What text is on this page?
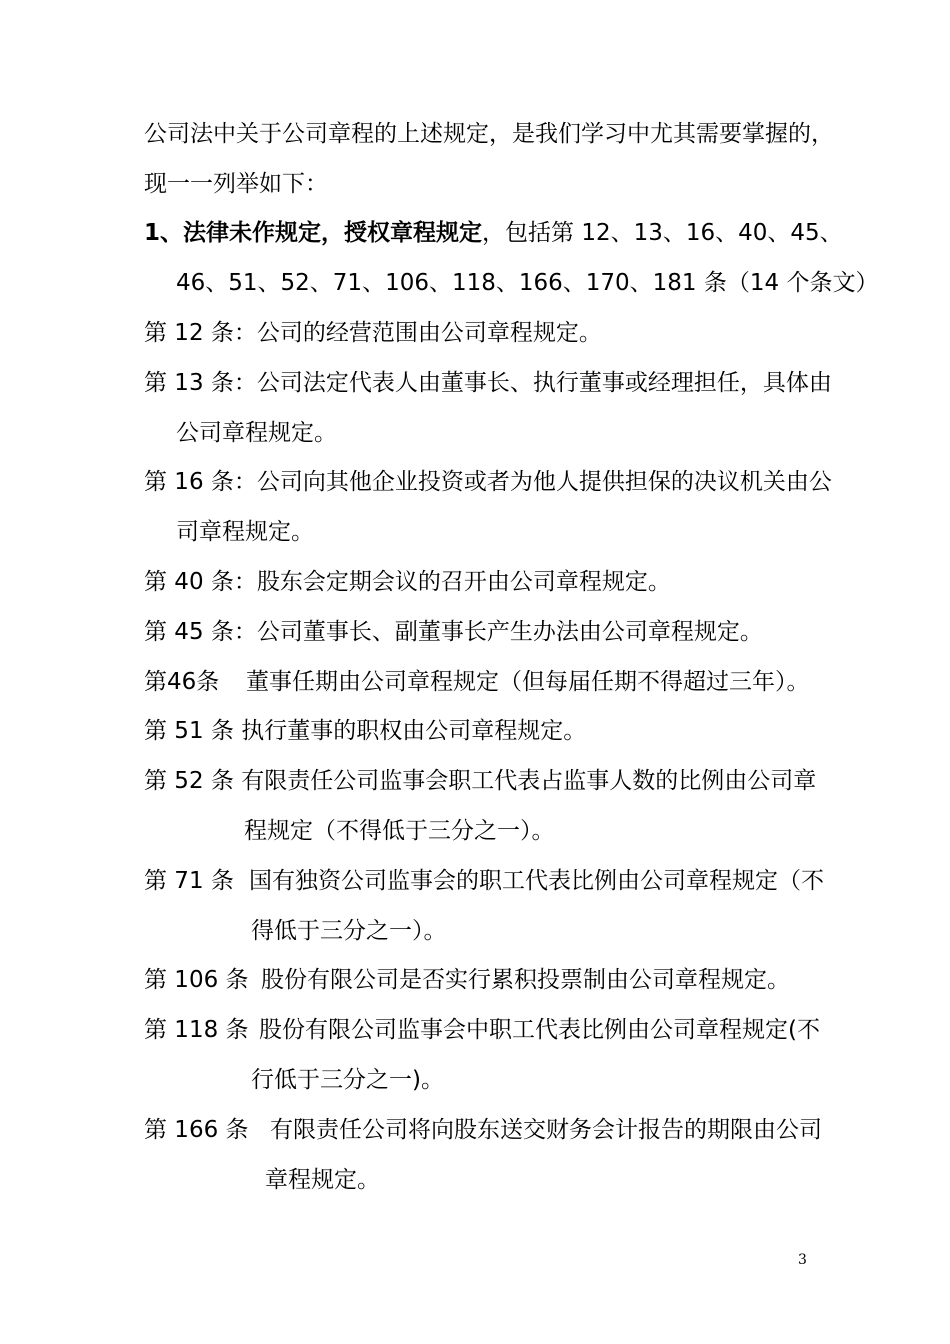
公司法中关于公司章程的上述规定，是我们学习中尤其需要掌握的，
现一一列举如下：
1、法律未作规定，授权章程规定，包括第 12、13、16、40、45、
46、51、52、71、106、118、166、170、181 条（14 个条文）
第 12 条：公司的经营范围由公司章程规定。
第 13 条：公司法定代表人由董事长、执行董事或经理担任，具体由
公司章程规定。
第 16 条：公司向其他企业投资或者为他人提供担保的决议机关由公
司章程规定。
第 40 条：股东会定期会议的召开由公司章程规定。
第 45 条：公司董事长、副董事长产生办法由公司章程规定。
第46条 董事任期由公司章程规定（但每届任期不得超过三年）。
第 51 条 执行董事的职权由公司章程规定。
第 52 条 有限责任公司监事会职工代表占监事人数的比例由公司章
程规定（不得低于三分之一）。
第 71 条 国有独资公司监事会的职工代表比例由公司章程规定（不
得低于三分之一）。
第 106 条 股份有限公司是否实行累积投票制由公司章程规定。
第 118 条 股份有限公司监事会中职工代表比例由公司章程规定(不
行低于三分之一)。
第 166 条 有限责任公司将向股东送交财务会计报告的期限由公司
章程规定。
3
